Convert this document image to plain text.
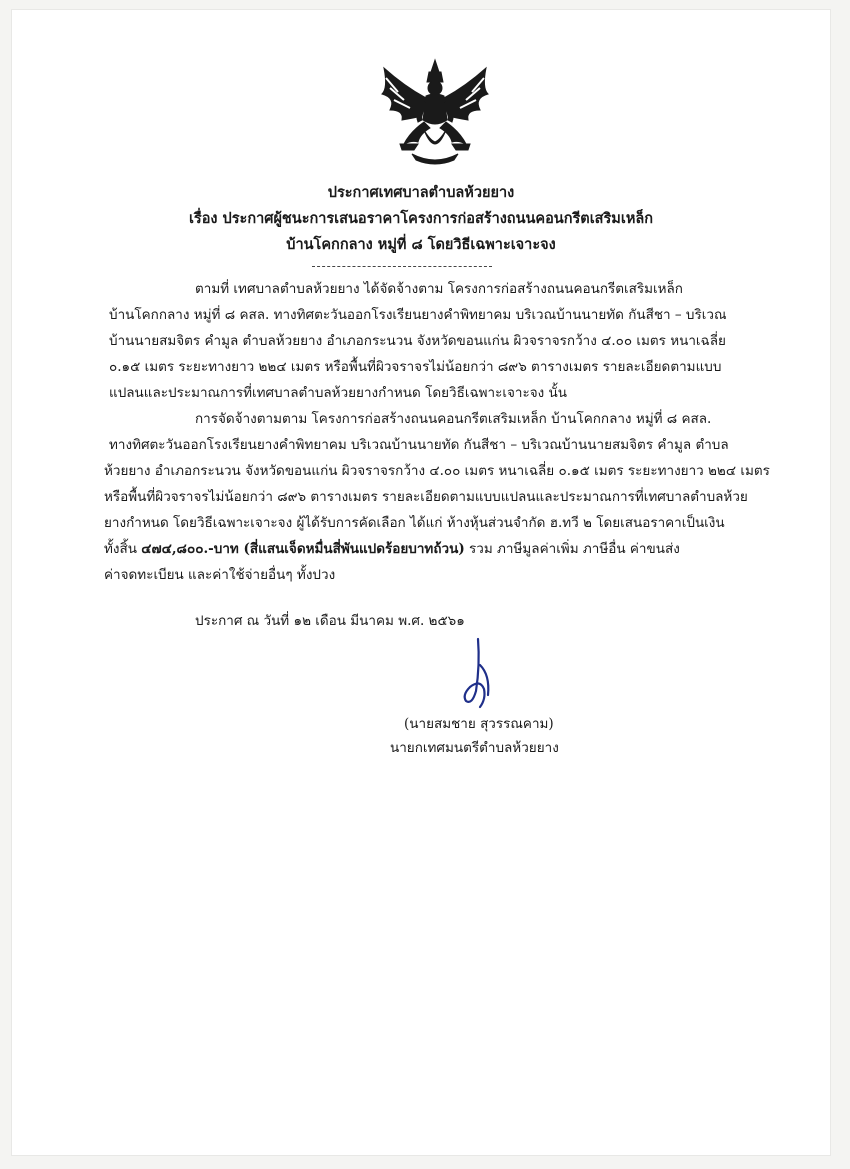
ประกาศเทศบาลตำบลห้วยยาง
เรื่อง ประกาศผู้ชนะการเสนอราคาโครงการก่อสร้างถนนคอนกรีตเสริมเหล็ก
บ้านโคกกลาง หมู่ที่ ๘ โดยวิธีเฉพาะเจาะจง
ตามที่ เทศบาลตำบลห้วยยาง ได้จัดจ้างตาม โครงการก่อสร้างถนนคอนกรีตเสริมเหล็ก
บ้านโคกกลาง หมู่ที่ ๘ คสล. ทางทิศตะวันออกโรงเรียนยางคำพิทยาคม บริเวณบ้านนายทัด กันสีชา – บริเวณ
บ้านนายสมจิตร คำมูล ตำบลห้วยยาง อำเภอกระนวน จังหวัดขอนแก่น ผิวจราจรกว้าง ๔.๐๐ เมตร หนาเฉลี่ย
๐.๑๕ เมตร ระยะทางยาว ๒๒๔ เมตร หรือพื้นที่ผิวจราจรไม่น้อยกว่า ๘๙๖ ตารางเมตร รายละเอียดตามแบบ
แปลนและประมาณการที่เทศบาลตำบลห้วยยางกำหนด โดยวิธีเฉพาะเจาะจง นั้น
การจัดจ้างตามตาม โครงการก่อสร้างถนนคอนกรีตเสริมเหล็ก บ้านโคกกลาง หมู่ที่ ๘ คสล.
ทางทิศตะวันออกโรงเรียนยางคำพิทยาคม บริเวณบ้านนายทัด กันสีชา – บริเวณบ้านนายสมจิตร คำมูล ตำบล
ห้วยยาง อำเภอกระนวน จังหวัดขอนแก่น ผิวจราจรกว้าง ๔.๐๐ เมตร หนาเฉลี่ย ๐.๑๕ เมตร ระยะทางยาว ๒๒๔ เมตร
หรือพื้นที่ผิวจราจรไม่น้อยกว่า ๘๙๖ ตารางเมตร รายละเอียดตามแบบแปลนและประมาณการที่เทศบาลตำบลห้วย
ยางกำหนด โดยวิธีเฉพาะเจาะจง ผู้ได้รับการคัดเลือก ได้แก่ ห้างหุ้นส่วนจำกัด ฮ.ทวี ๒ โดยเสนอราคาเป็นเงิน
ทั้งสิ้น ๔๗๔,๘๐๐.-บาท (สี่แสนเจ็ดหมื่นสี่พันแปดร้อยบาทถ้วน) รวม ภาษีมูลค่าเพิ่ม ภาษีอื่น ค่าขนส่ง
ค่าจดทะเบียน และค่าใช้จ่ายอื่นๆ ทั้งปวง
ประกาศ ณ วันที่ ๑๒ เดือน มีนาคม พ.ศ. ๒๕๖๑
(นายสมชาย สุวรรณคาม)
นายกเทศมนตรีตำบลห้วยยาง
